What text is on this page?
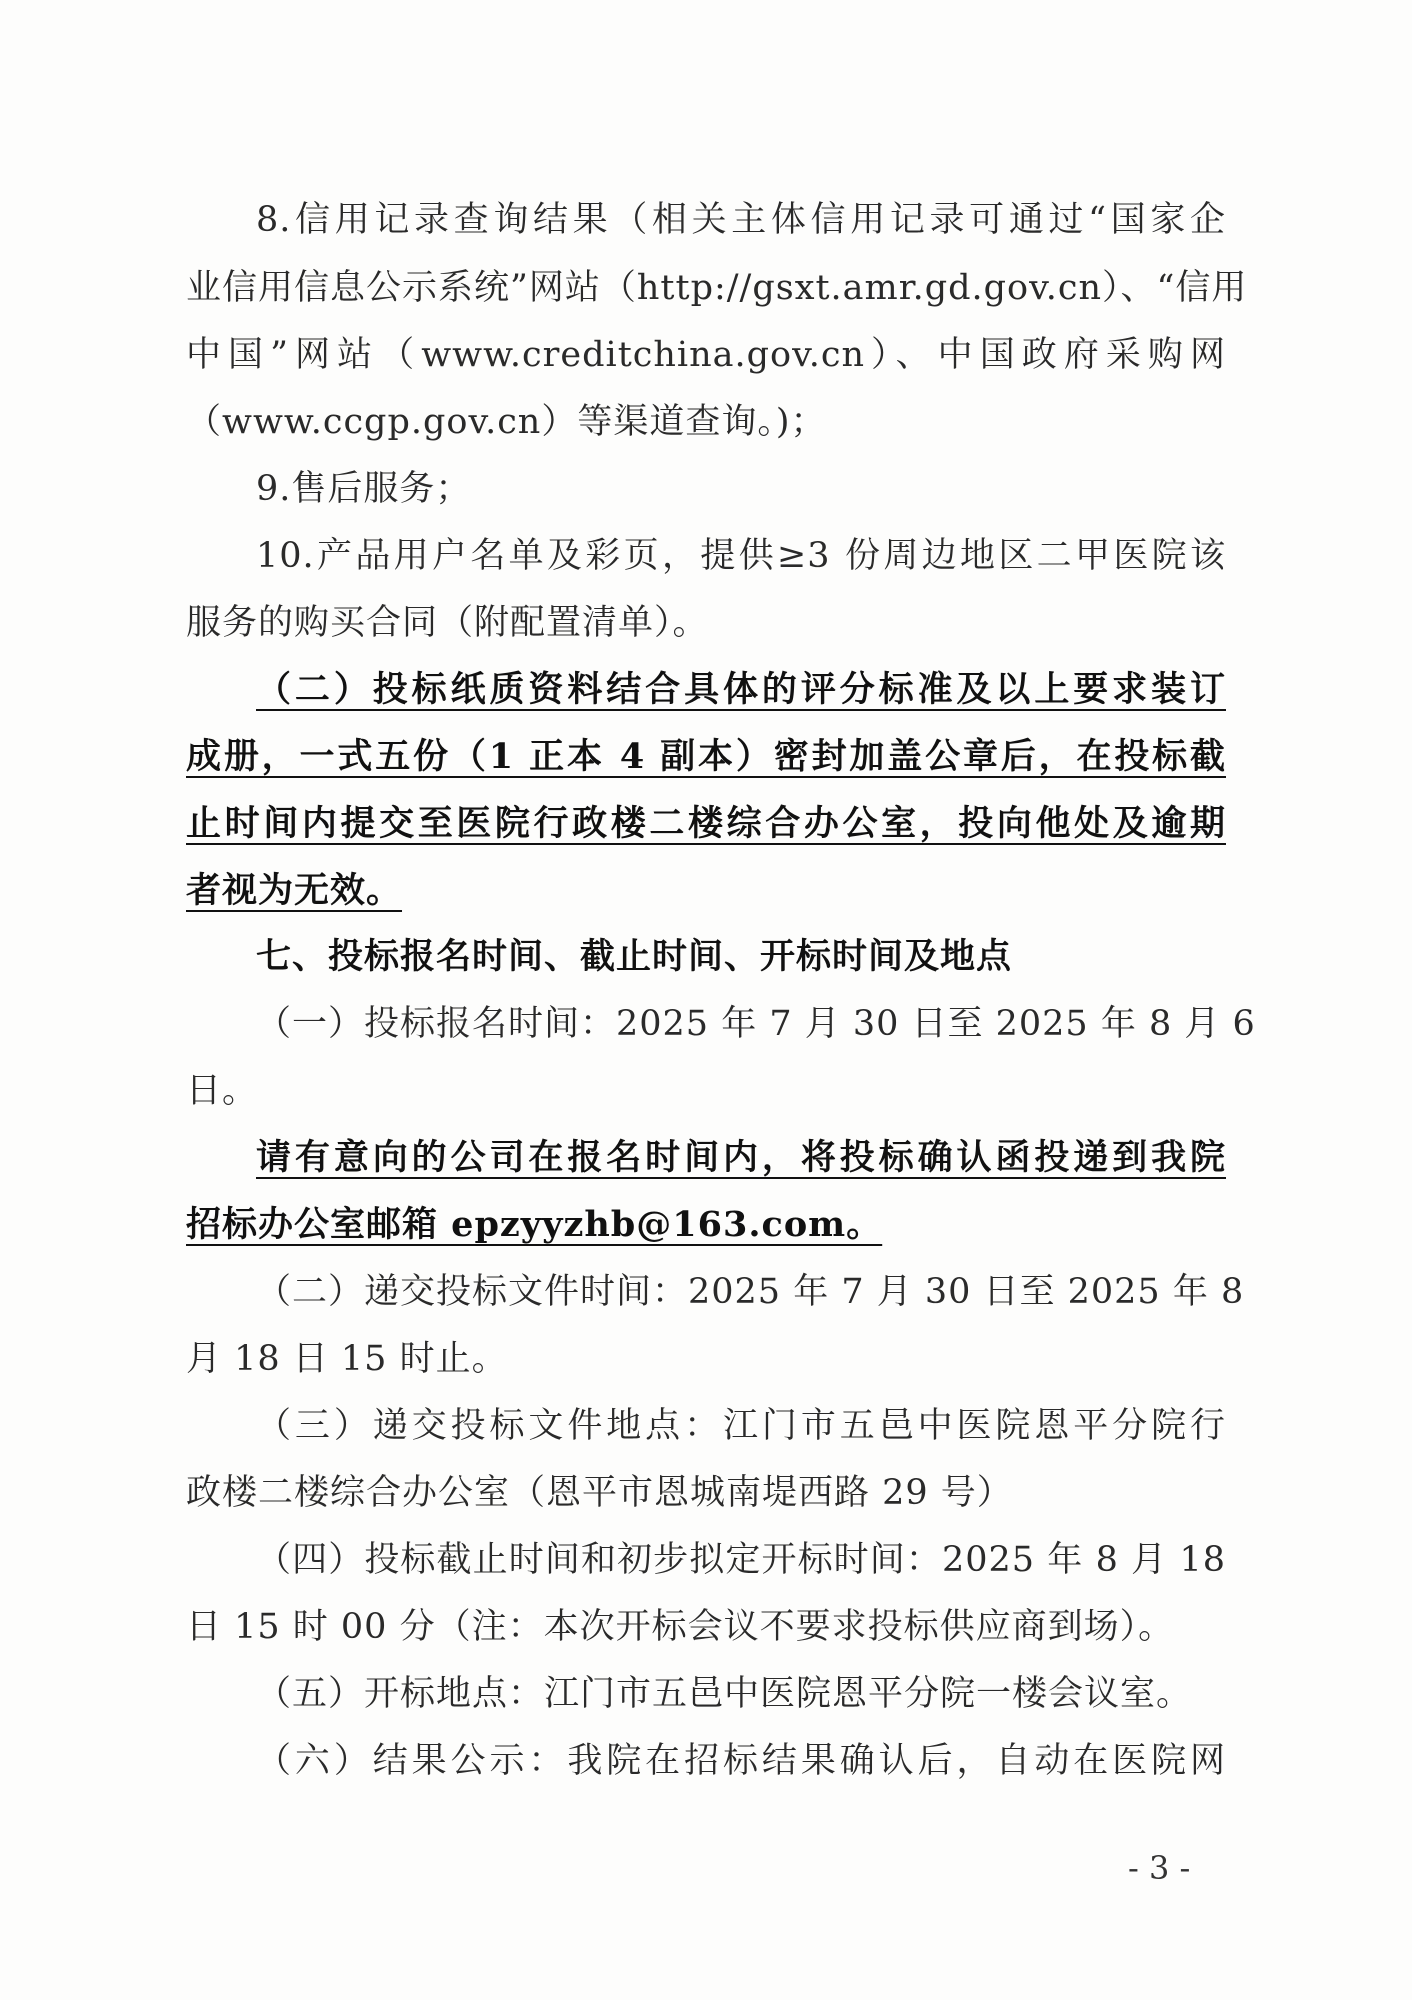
8.信用记录查询结果（相关主体信用记录可通过“国家企
业信用信息公示系统”网站（http://gsxt.amr.gd.gov.cn）、“信用
中国”网站（www.creditchina.gov.cn）、中国政府采购网
（www.ccgp.gov.cn）等渠道查询。)；
9.售后服务；
10.产品用户名单及彩页，提供≥3 份周边地区二甲医院该
服务的购买合同（附配置清单）。
（二）投标纸质资料结合具体的评分标准及以上要求装订
成册，一式五份（1 正本 4 副本）密封加盖公章后，在投标截
止时间内提交至医院行政楼二楼综合办公室，投向他处及逾期
者视为无效。
七、投标报名时间、截止时间、开标时间及地点
（一）投标报名时间：2025 年 7 月 30 日至 2025 年 8 月 6
日。
请有意向的公司在报名时间内，将投标确认函投递到我院
招标办公室邮箱 epzyyzhb@163.com。
（二）递交投标文件时间：2025 年 7 月 30 日至 2025 年 8
月 18 日 15 时止。
（三）递交投标文件地点：江门市五邑中医院恩平分院行
政楼二楼综合办公室（恩平市恩城南堤西路 29 号）
（四）投标截止时间和初步拟定开标时间：2025 年 8 月 18
日 15 时 00 分（注：本次开标会议不要求投标供应商到场）。
（五）开标地点：江门市五邑中医院恩平分院一楼会议室。
（六）结果公示：我院在招标结果确认后，自动在医院网
- 3 -
